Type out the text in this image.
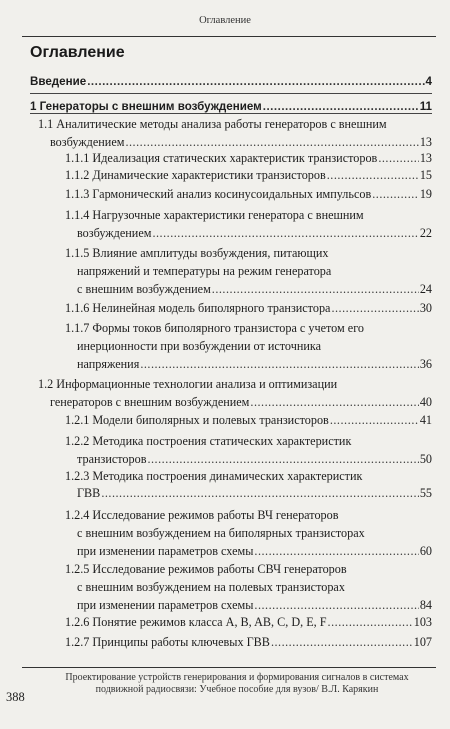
Оглавление
Оглавление
Введение .....	4
1 Генераторы с внешним возбуждением .....	11
1.1 Аналитические методы анализа работы генераторов с внешним
возбуждением .....	13
1.1.1 Идеализация статических характеристик транзисторов .....	13
1.1.2 Динамические характеристики транзисторов .....	15
1.1.3 Гармонический анализ косинусоидальных импульсов .....	19
1.1.4 Нагрузочные характеристики генератора с внешним
возбуждением .....	22
1.1.5 Влияние амплитуды возбуждения, питающих
напряжений и температуры на режим генератора
с внешним возбуждением .....	24
1.1.6 Нелинейная модель биполярного транзистора .....	30
1.1.7 Формы токов биполярного транзистора с учетом его
инерционности при возбуждении от источника
напряжения .....	36
1.2 Информационные технологии анализа и оптимизации
генераторов с внешним возбуждением .....	40
1.2.1 Модели биполярных и полевых транзисторов .....	41
1.2.2 Методика построения статических характеристик
транзисторов .....	50
1.2.3 Методика построения динамических характеристик
ГВВ .....	55
1.2.4 Исследование режимов работы ВЧ генераторов
с внешним возбуждением на биполярных транзисторах
при изменении параметров схемы .....	60
1.2.5 Исследование режимов работы СВЧ генераторов
с внешним возбуждением на полевых транзисторах
при изменении параметров схемы .....	84
1.2.6 Понятие режимов класса A, B, AB, C, D, E, F .....	103
1.2.7 Принципы работы ключевых ГВВ .....	107
Проектирование устройств генерирования и формирования сигналов в системах
подвижной радиосвязи: Учебное пособие для вузов/ В.Л. Карякин
388
